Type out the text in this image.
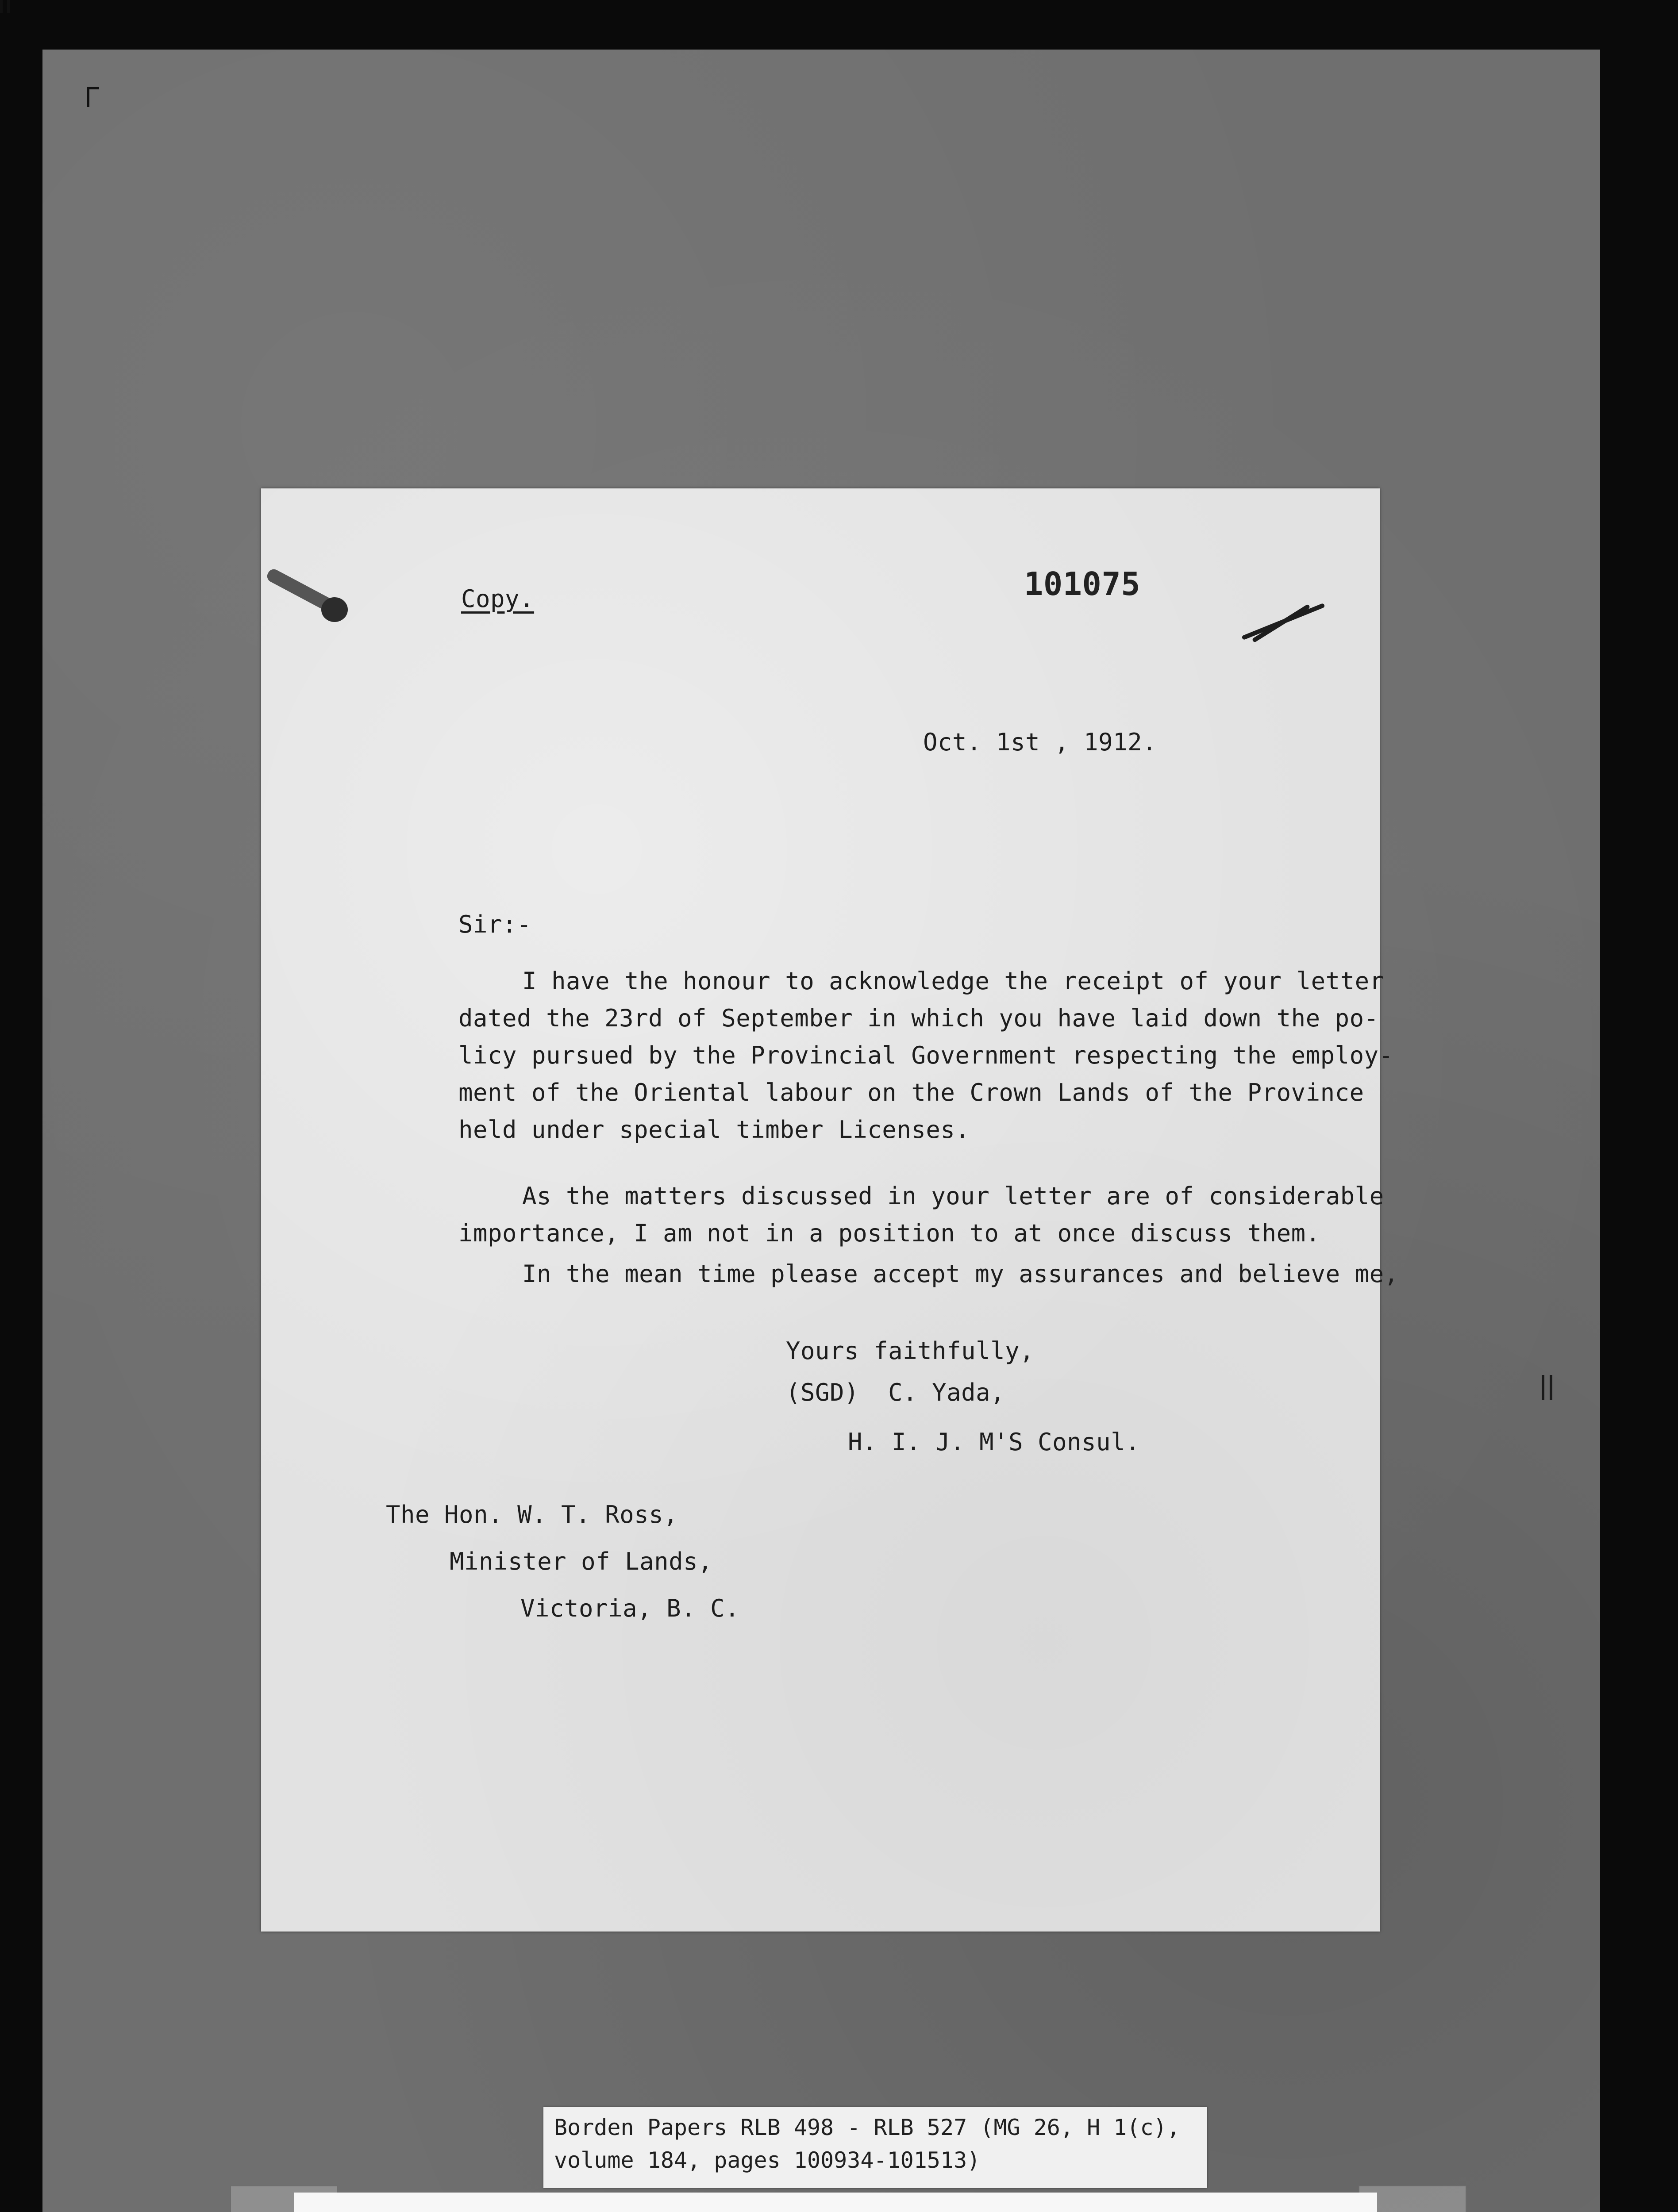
Copy.	101075
Oct. 1st , 1912.
Sir:-
I have the honour to acknowledge the receipt of your letter
dated the 23rd of September in which you have laid down the po-
licy pursued by the Provincial Government respecting the employ-
ment of the Oriental labour on the Crown Lands of the Province
held under special timber Licenses.
As the matters discussed in your letter are of considerable
importance, I am not in a position to at once discuss them.
In the mean time please accept my assurances and believe me,
Yours faithfully,
(SGD)  C. Yada,
H. I. J. M'S Consul.
The Hon. W. T. Ross,
Minister of Lands,
Victoria, B. C.
Borden Papers RLB 498 - RLB 527 (MG 26, H 1(c),
volume 184, pages 100934-101513)
